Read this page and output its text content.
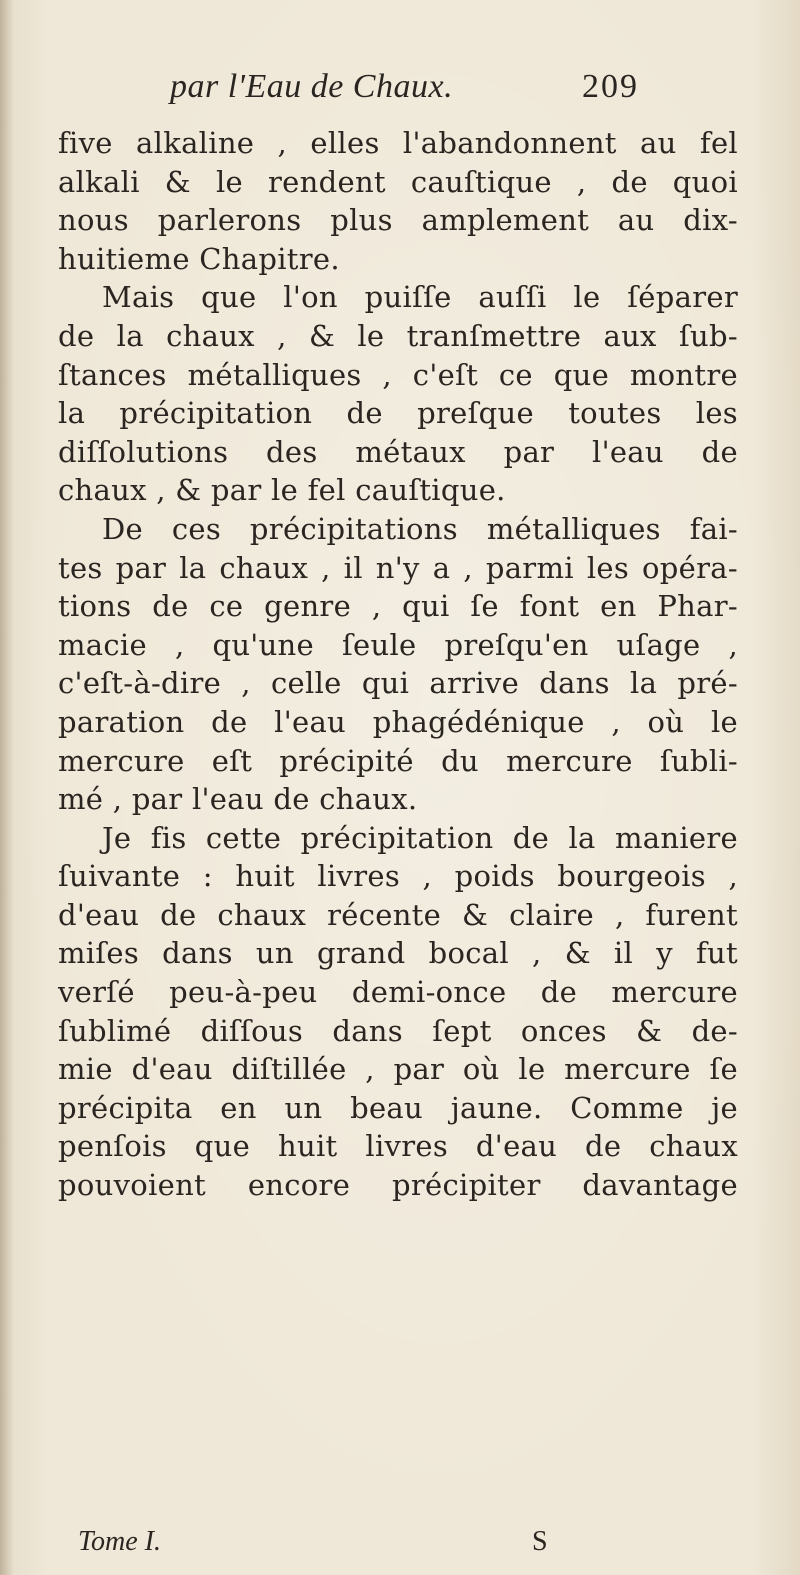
par l'Eau de Chaux.	209
five alkaline , elles l'abandonnent au fel
alkali & le rendent cauſtique , de quoi
nous parlerons plus amplement au dix-
huitieme Chapitre.
Mais que l'on puiſſe auſſi le ſéparer
de la chaux , & le tranſmettre aux ſub-
ſtances métalliques , c'eſt ce que montre
la précipitation de preſque toutes les
diſſolutions des métaux par l'eau de
chaux , & par le fel cauſtique.
De ces précipitations métalliques fai-
tes par la chaux , il n'y a , parmi les opéra-
tions de ce genre , qui ſe font en Phar-
macie , qu'une ſeule preſqu'en uſage ,
c'eſt-à-dire , celle qui arrive dans la pré-
paration de l'eau phagédénique , où le
mercure eſt précipité du mercure ſubli-
mé , par l'eau de chaux.
Je fis cette précipitation de la maniere
ſuivante : huit livres , poids bourgeois ,
d'eau de chaux récente & claire , furent
miſes dans un grand bocal , & il y fut
verſé peu-à-peu demi-once de mercure
ſublimé diſſous dans ſept onces & de-
mie d'eau diſtillée , par où le mercure ſe
précipita en un beau jaune. Comme je
penſois que huit livres d'eau de chaux
pouvoient encore précipiter davantage
Tome I.	S
